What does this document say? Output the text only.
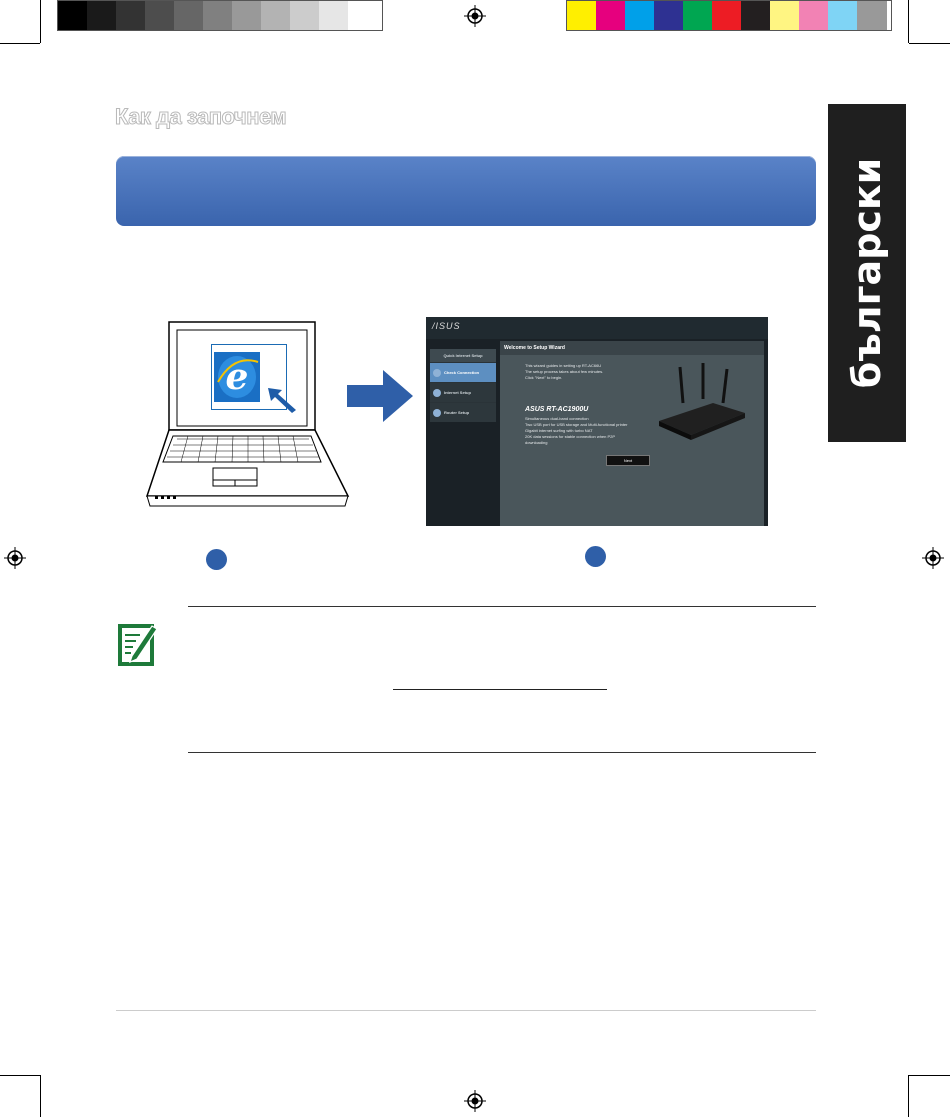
Как да започнем
български
e
/ISUS
Quick Internet Setup
Check Connection
Internet Setup
Router Setup
Welcome to Setup Wizard
This wizard guides in setting up RT-AC66U
The setup process takes about few minutes.
Click "Next" to begin.
ASUS RT-AC1900U
Simultaneous dual-band connection
Two USB port for USB storage and Multi-functional printer
Gigabit internet surfing with turbo NAT
20K data sessions for stable connection when P2P
downloading
Next
